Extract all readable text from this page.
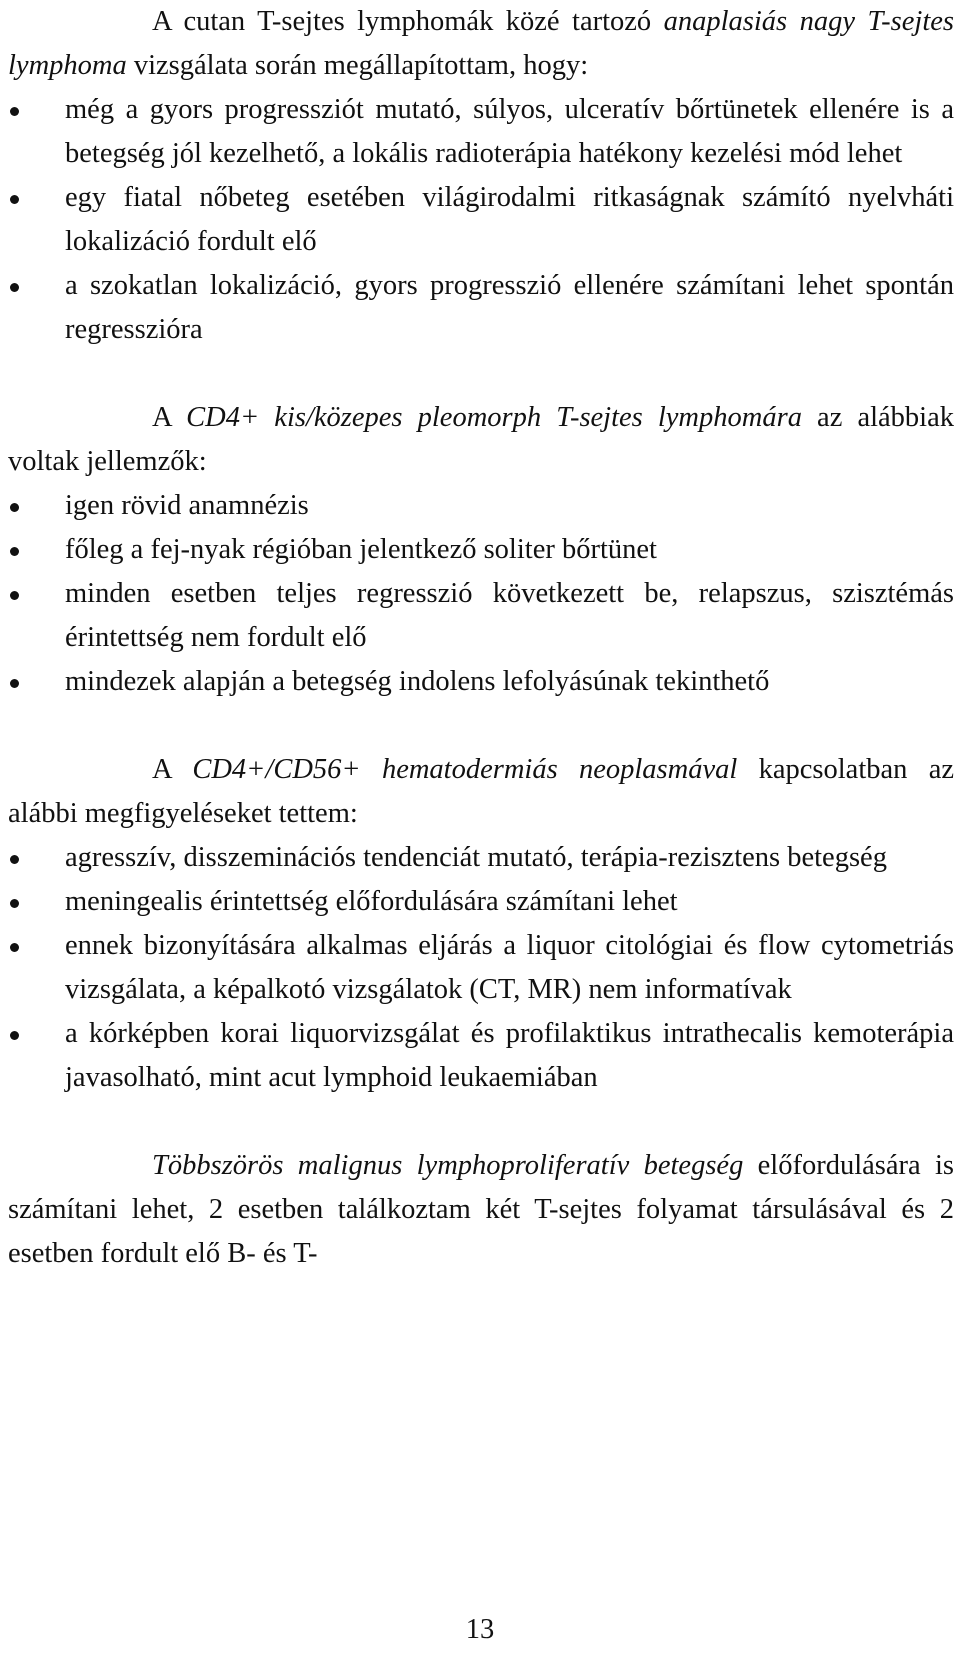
A cutan T-sejtes lymphomák közé tartozó anaplasiás nagy T-sejtes lymphoma vizsgálata során megállapítottam, hogy:

még a gyors progressziót mutató, súlyos, ulceratív bőrtünetek ellenére is a betegség jól kezelhető, a lokális radioterápia hatékony kezelési mód lehet
egy fiatal nőbeteg esetében világirodalmi ritkaságnak számító nyelvháti lokalizáció fordult elő
a szokatlan lokalizáció, gyors progresszió ellenére számítani lehet spontán regresszióra

A CD4+ kis/közepes pleomorph T-sejtes lymphomára az alábbiak voltak jellemzők:

igen rövid anamnézis
főleg a fej-nyak régióban jelentkező soliter bőrtünet
minden esetben teljes regresszió következett be, relapszus, szisztémás érintettség nem fordult elő
mindezek alapján a betegség indolens lefolyásúnak tekinthető

A CD4+/CD56+ hematodermiás neoplasmával kapcsolatban az alábbi megfigyeléseket tettem:

agresszív, disszeminációs tendenciát mutató, terápia-rezisztens betegség
meningealis érintettség előfordulására számítani lehet
ennek bizonyítására alkalmas eljárás a liquor citológiai és flow cytometriás vizsgálata, a képalkotó vizsgálatok (CT, MR) nem informatívak
a kórképben korai liquorvizsgálat és profilaktikus intrathecalis kemoterápia javasolható, mint acut lymphoid leukaemiában

Többszörös malignus lymphoproliferatív betegség előfordulására is számítani lehet, 2 esetben találkoztam két T-sejtes folyamat társulásával és 2 esetben fordult elő B- és T-

13
